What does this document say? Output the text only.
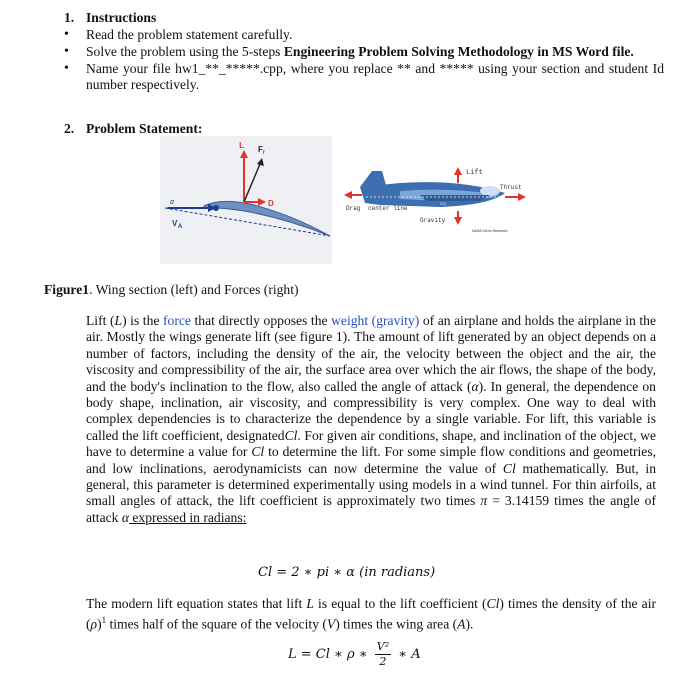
1. Instructions
• Read the problem statement carefully.
• Solve the problem using the 5-steps Engineering Problem Solving Methodology in MS Word file.
• Name your file hw1_**_*****.cpp, where you replace ** and ***** using your section and student Id number respectively.
2. Problem Statement:
L F r
D
V A
α
Lift
Thrust
Drag center line
CG
Gravity
NASA Glenn Research
Figure1. Wing section (left) and Forces (right)
Lift (L) is the force that directly opposes the weight (gravity) of an airplane and holds the airplane in the air. Mostly the wings generate lift (see figure 1). The amount of lift generated by an object depends on a number of factors, including the density of the air, the velocity between the object and the air, the viscosity and compressibility of the air, the surface area over which the air flows, the shape of the body, and the body's inclination to the flow, also called the angle of attack (α). In general, the dependence on body shape, inclination, air viscosity, and compressibility is very complex. One way to deal with complex dependencies is to characterize the dependence by a single variable. For lift, this variable is called the lift coefficient, designatedCl. For given air conditions, shape, and inclination of the object, we have to determine a value for Cl to determine the lift. For some simple flow conditions and geometries, and low inclinations, aerodynamicists can now determine the value of Cl mathematically. But, in general, this parameter is determined experimentally using models in a wind tunnel. For thin airfoils, at small angles of attack, the lift coefficient is approximately two times π = 3.14159 times the angle of attack α expressed in radians:
Cl = 2 ∗ pi ∗ α (in radians)
The modern lift equation states that lift L is equal to the lift coefficient (Cl) times the density of the air $(\rho)^1$ times half of the square of the velocity (V) times the wing area (A).
L = Cl ∗ ρ ∗ $\frac{\text{V²}}{2}$ ∗ A
